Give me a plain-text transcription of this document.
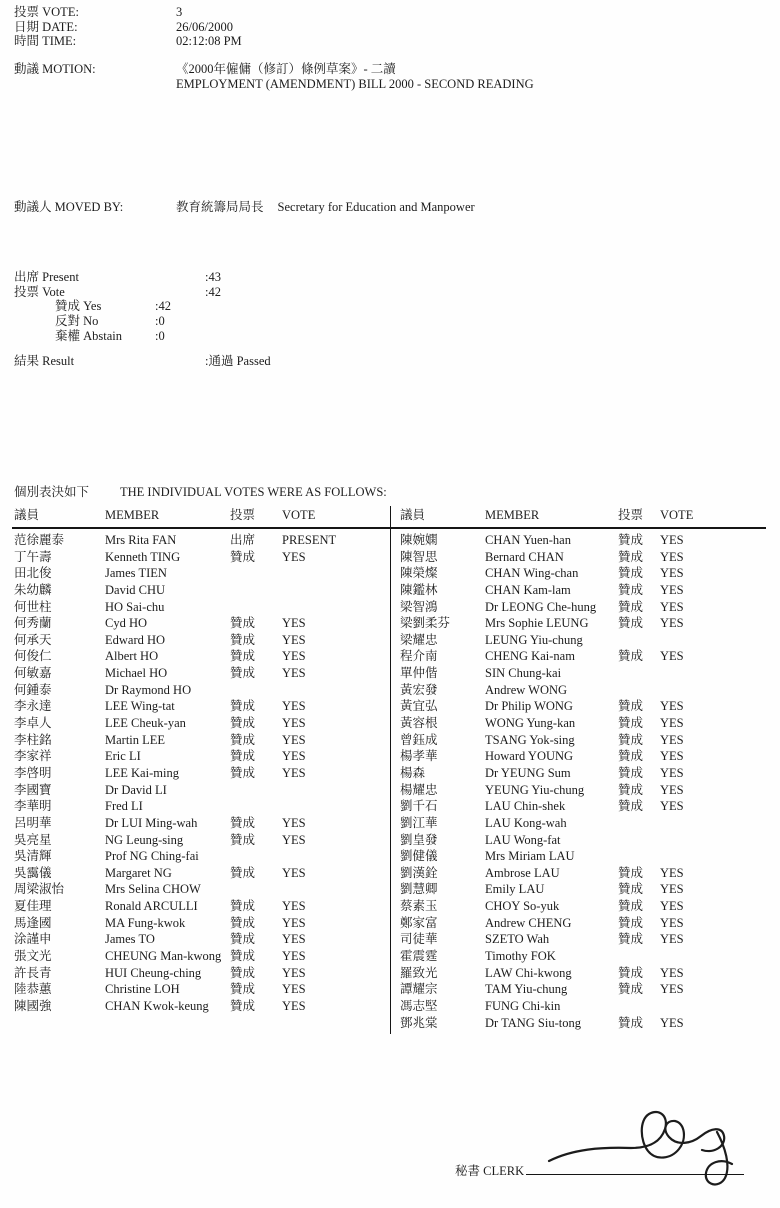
投票 VOTE:	3
日期 DATE:	26/06/2000
時間 TIME:	02:12:08 PM
動議 MOTION:	《2000年僱傭（修訂）條例草案》- 二讀
EMPLOYMENT (AMENDMENT) BILL 2000 - SECOND READING
動議人 MOVED BY:	教育統籌局局長 Secretary for Education and Manpower
出席 Present	:43
投票 Vote	:42
贊成 Yes	:42
反對 No	:0
棄權 Abstain	:0
結果 Result	:通過 Passed
個別表決如下	THE INDIVIDUAL VOTES WERE AS FOLLOWS:
議員	MEMBER	投票	VOTE
范徐麗泰	Mrs Rita FAN	出席	PRESENT
丁午壽	Kenneth TING	贊成	YES
田北俊	James TIEN
朱幼麟	David CHU
何世柱	HO Sai-chu
何秀蘭	Cyd HO	贊成	YES
何承天	Edward HO	贊成	YES
何俊仁	Albert HO	贊成	YES
何敏嘉	Michael HO	贊成	YES
何鍾泰	Dr Raymond HO
李永達	LEE Wing-tat	贊成	YES
李卓人	LEE Cheuk-yan	贊成	YES
李柱銘	Martin LEE	贊成	YES
李家祥	Eric LI	贊成	YES
李啓明	LEE Kai-ming	贊成	YES
李國寶	Dr David LI
李華明	Fred LI
呂明華	Dr LUI Ming-wah	贊成	YES
吳亮星	NG Leung-sing	贊成	YES
吳清輝	Prof NG Ching-fai
吳靄儀	Margaret NG	贊成	YES
周梁淑怡	Mrs Selina CHOW
夏佳理	Ronald ARCULLI	贊成	YES
馬逢國	MA Fung-kwok	贊成	YES
涂謹申	James TO	贊成	YES
張文光	CHEUNG Man-kwong 贊成	YES
許長青	HUI Cheung-ching	贊成	YES
陸恭蕙	Christine LOH	贊成	YES
陳國強	CHAN Kwok-keung	贊成	YES
議員	MEMBER	投票	VOTE
陳婉嫻	CHAN Yuen-han	贊成	YES
陳智思	Bernard CHAN	贊成	YES
陳榮燦	CHAN Wing-chan	贊成	YES
陳鑑林	CHAN Kam-lam	贊成	YES
梁智鴻	Dr LEONG Che-hung	贊成	YES
梁劉柔芬	Mrs Sophie LEUNG	贊成	YES
梁耀忠	LEUNG Yiu-chung
程介南	CHENG Kai-nam	贊成	YES
單仲偕	SIN Chung-kai
黃宏發	Andrew WONG
黃宜弘	Dr Philip WONG	贊成	YES
黃容根	WONG Yung-kan	贊成	YES
曾鈺成	TSANG Yok-sing	贊成	YES
楊孝華	Howard YOUNG	贊成	YES
楊森	Dr YEUNG Sum	贊成	YES
楊耀忠	YEUNG Yiu-chung	贊成	YES
劉千石	LAU Chin-shek	贊成	YES
劉江華	LAU Kong-wah
劉皇發	LAU Wong-fat
劉健儀	Mrs Miriam LAU
劉漢銓	Ambrose LAU	贊成	YES
劉慧卿	Emily LAU	贊成	YES
蔡素玉	CHOY So-yuk	贊成	YES
鄭家富	Andrew CHENG	贊成	YES
司徒華	SZETO Wah	贊成	YES
霍震霆	Timothy FOK
羅致光	LAW Chi-kwong	贊成	YES
譚耀宗	TAM Yiu-chung	贊成	YES
馮志堅	FUNG Chi-kin
鄧兆棠	Dr TANG Siu-tong	贊成	YES
秘書 CLERK
